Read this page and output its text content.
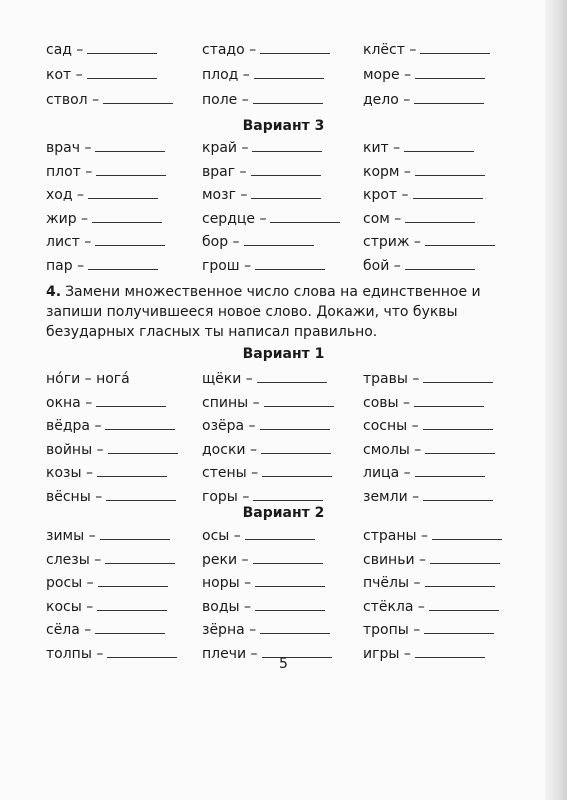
сад –	стадо –	клёст –
кот –	плод –	море –
ствол –	поле –	дело –
Вариант 3
врач –	край –	кит –
плот –	враг –	корм –
ход –	мозг –	крот –
жир –	сердце –	сом –
лист –	бор –	стриж –
пар –	грош –	бой –
4. Замени множественное число слова на единственное и запиши получившееся новое слово. Докажи, что буквы безударных гласных ты написал правильно.
Вариант 1
но́ги – нога́	щёки –	травы –
окна –	спины –	совы –
вёдра –	озёра –	сосны –
войны –	доски –	смолы –
козы –	стены –	лица –
вёсны –	горы –	земли –
Вариант 2
зимы –	осы –	страны –
слезы –	реки –	свиньи –
росы –	норы –	пчёлы –
косы –	воды –	стёкла –
сёла –	зёрна –	тропы –
толпы –	плечи –	игры –
5
